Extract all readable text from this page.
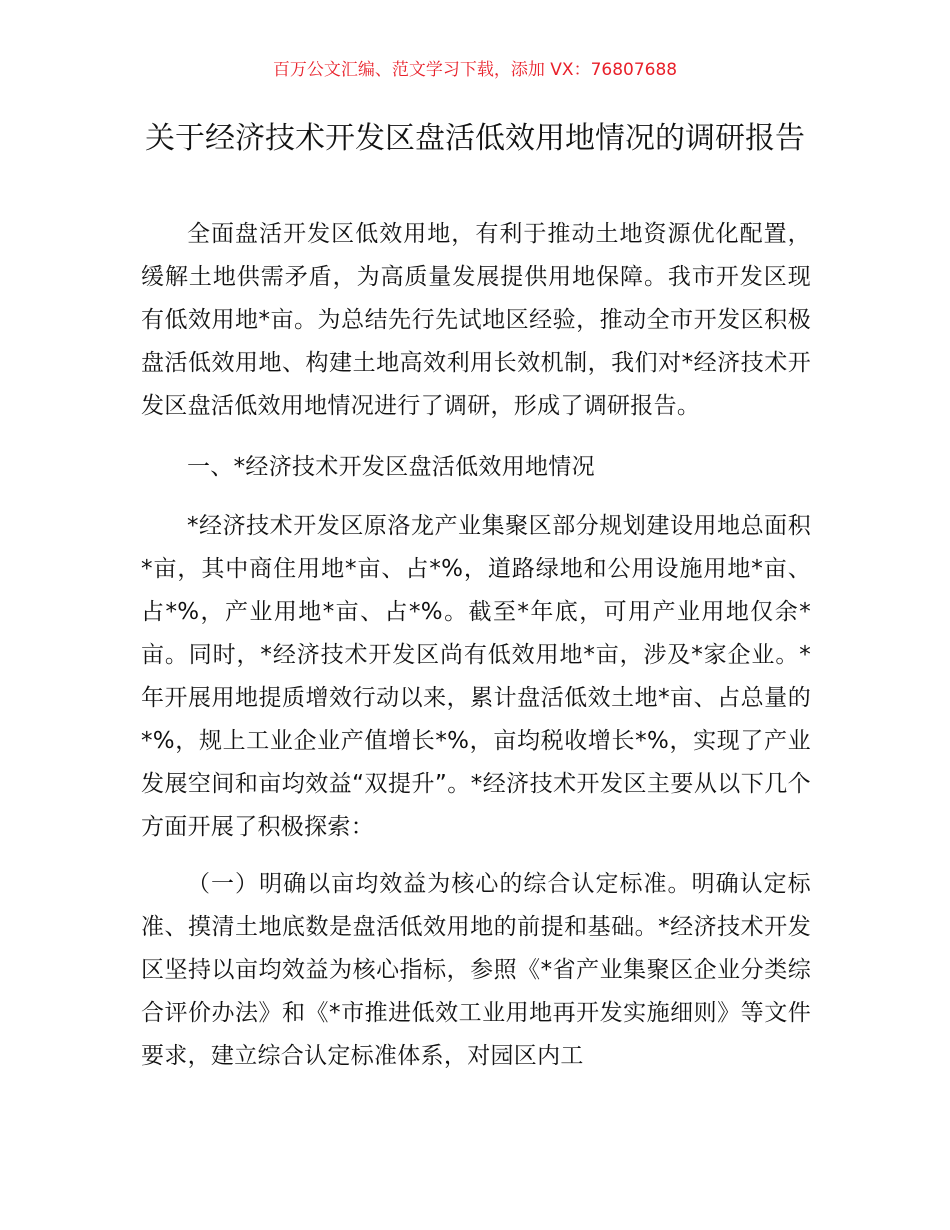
百万公文汇编、范文学习下载，添加 VX：76807688
关于经济技术开发区盘活低效用地情况的调研报告

全面盘活开发区低效用地，有利于推动土地资源优化配置，缓解土地供需矛盾，为高质量发展提供用地保障。我市开发区现有低效用地*亩。为总结先行先试地区经验，推动全市开发区积极盘活低效用地、构建土地高效利用长效机制，我们对*经济技术开发区盘活低效用地情况进行了调研，形成了调研报告。

一、*经济技术开发区盘活低效用地情况

*经济技术开发区原洛龙产业集聚区部分规划建设用地总面积*亩，其中商住用地*亩、占*%，道路绿地和公用设施用地*亩、占*%，产业用地*亩、占*%。截至*年底，可用产业用地仅余*亩。同时，*经济技术开发区尚有低效用地*亩，涉及*家企业。*年开展用地提质增效行动以来，累计盘活低效土地*亩、占总量的*%，规上工业企业产值增长*%，亩均税收增长*%，实现了产业发展空间和亩均效益“双提升”。*经济技术开发区主要从以下几个方面开展了积极探索：

（一）明确以亩均效益为核心的综合认定标准。明确认定标准、摸清土地底数是盘活低效用地的前提和基础。*经济技术开发区坚持以亩均效益为核心指标，参照《*省产业集聚区企业分类综合评价办法》和《*市推进低效工业用地再开发实施细则》等文件要求，建立综合认定标准体系，对园区内工
